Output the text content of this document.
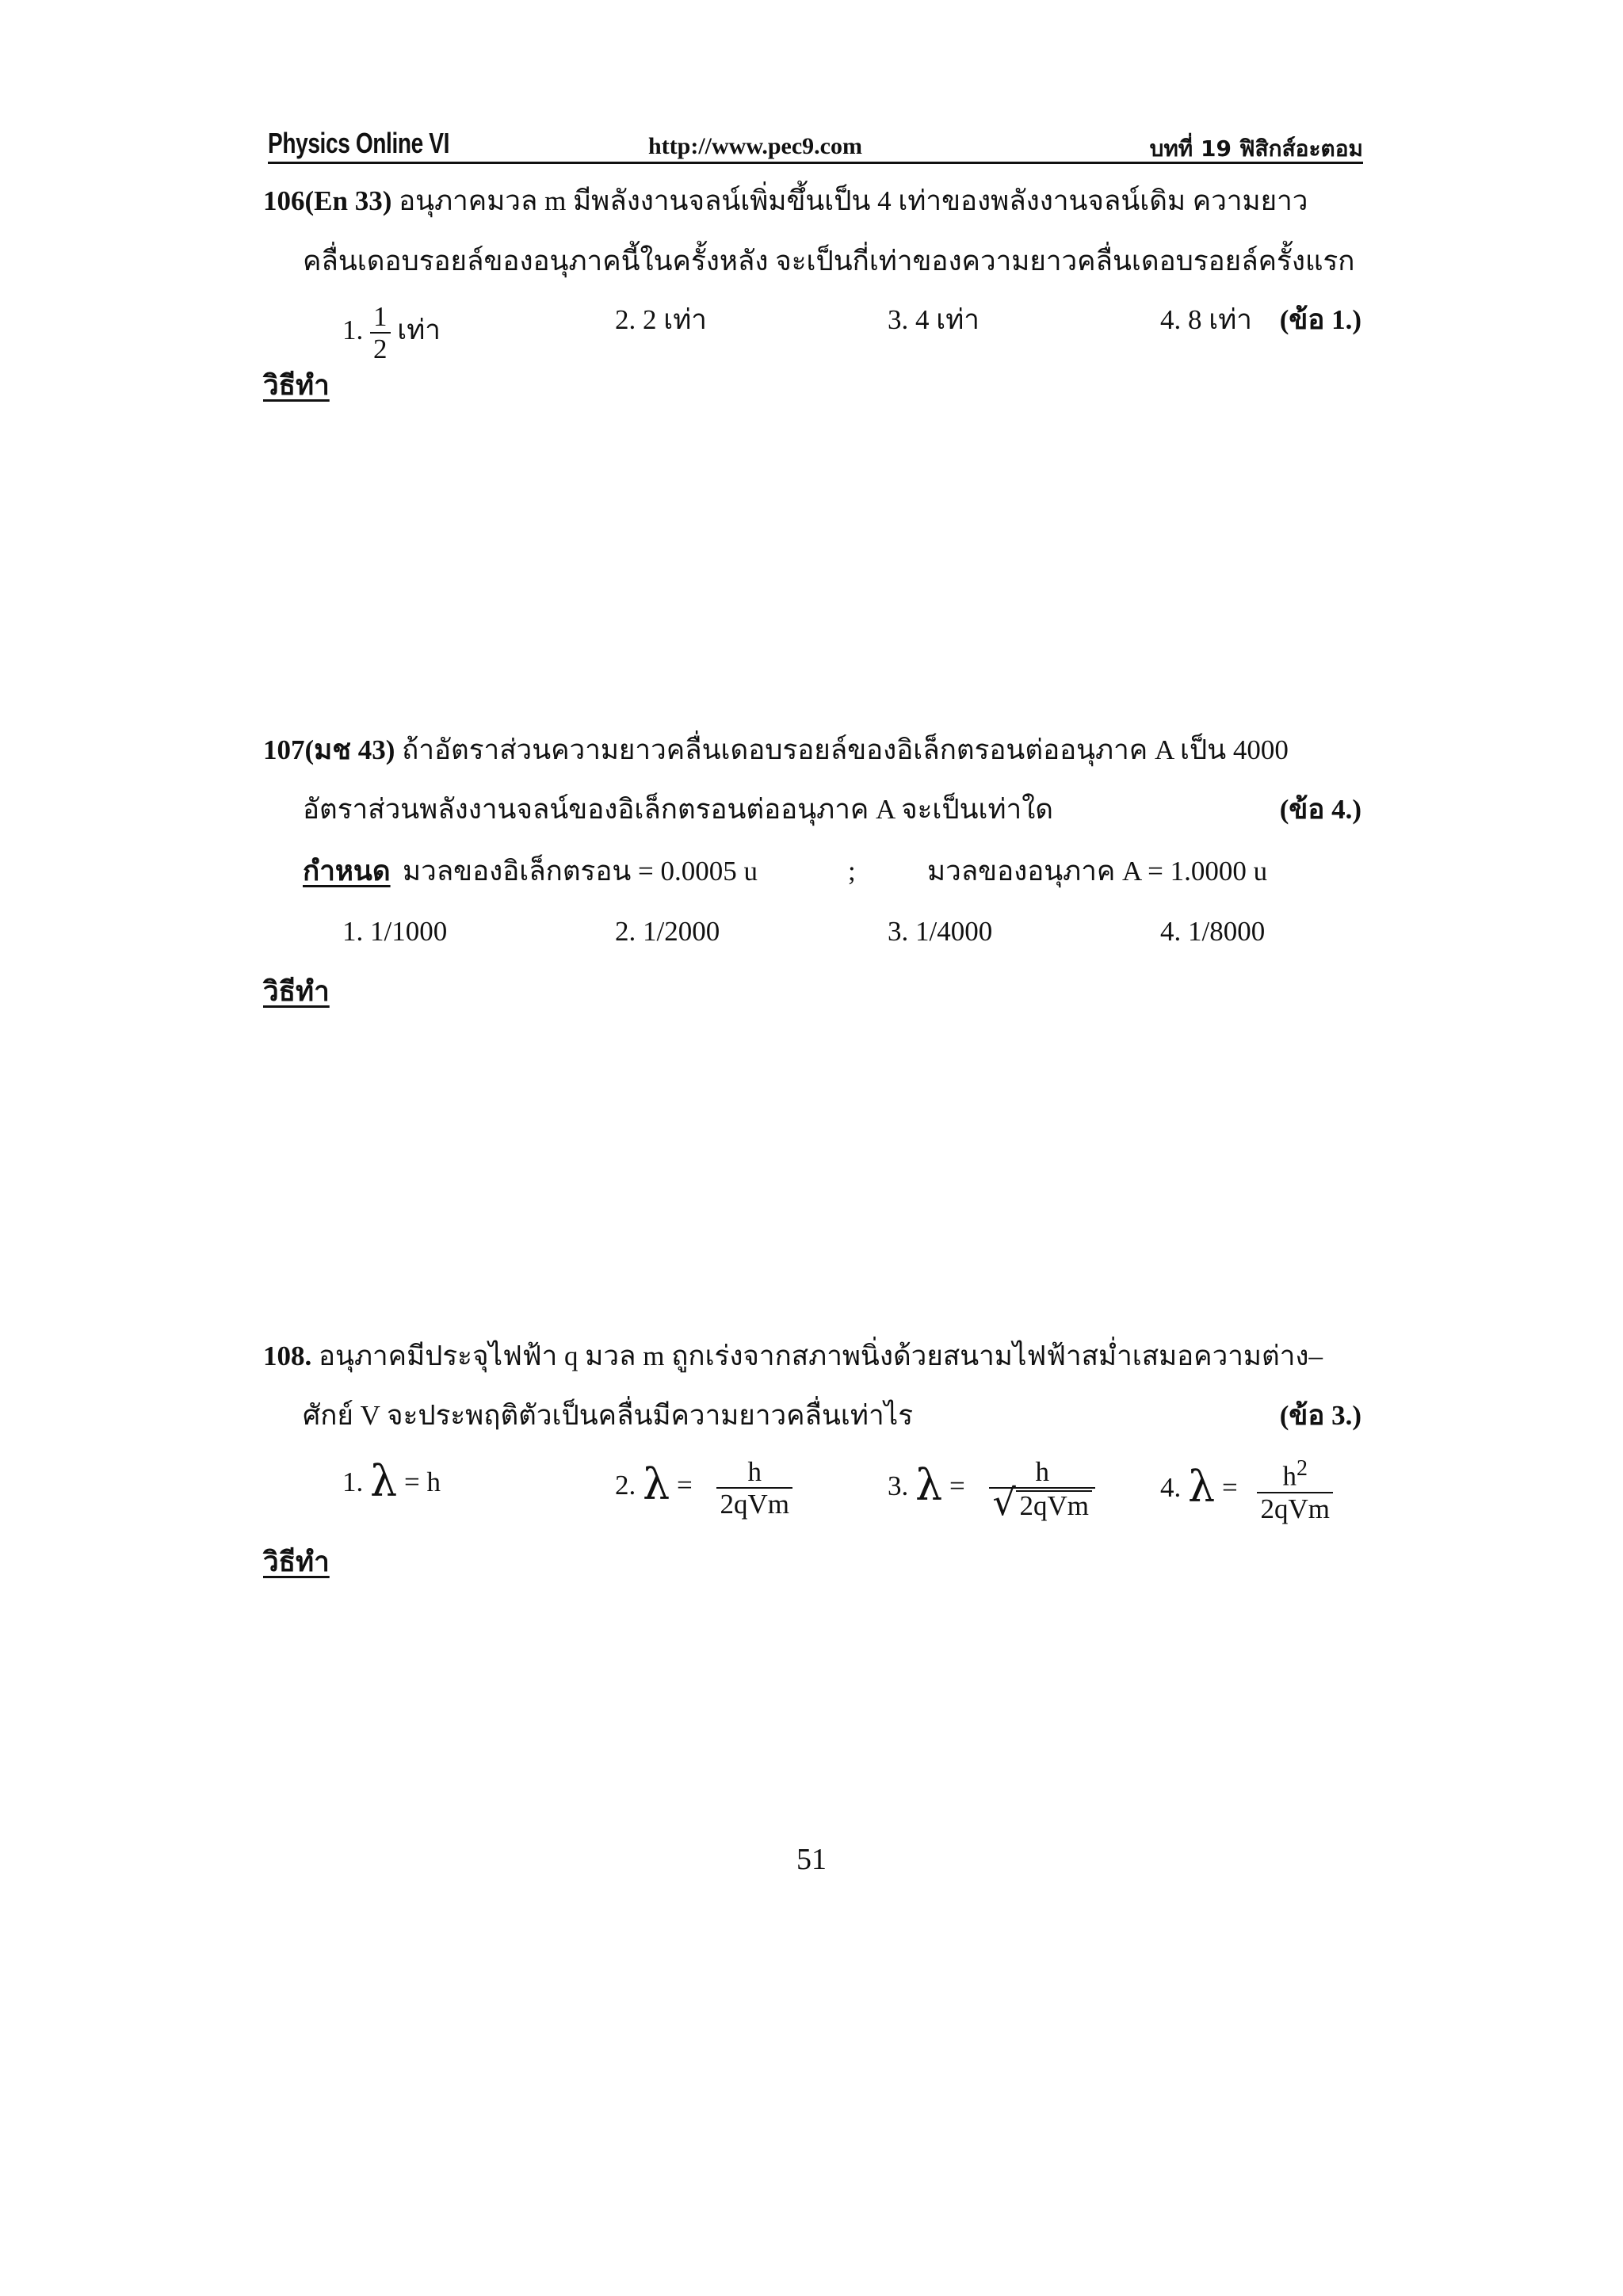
Physics Online VI	http://www.pec9.com	บทที่ 19 ฟิสิกส์อะตอม
106(En 33) อนุภาคมวล m มีพลังงานจลน์เพิ่มขึ้นเป็น 4 เท่าของพลังงานจลน์เดิม ความยาว
คลื่นเดอบรอยล์ของอนุภาคนี้ในครั้งหลัง จะเป็นกี่เท่าของความยาวคลื่นเดอบรอยล์ครั้งแรก
1. $\frac{1}{2}$ เท่า	2. 2 เท่า	3. 4 เท่า	4. 8 เท่า (ข้อ 1.)
วิธีทำ
107(มช 43) ถ้าอัตราส่วนความยาวคลื่นเดอบรอยล์ของอิเล็กตรอนต่ออนุภาค A เป็น 4000
อัตราส่วนพลังงานจลน์ของอิเล็กตรอนต่ออนุภาค A จะเป็นเท่าใด	(ข้อ 4.)
กำหนด มวลของอิเล็กตรอน = 0.0005 u	;	มวลของอนุภาค A = 1.0000 u
1. 1/1000	2. 1/2000	3. 1/4000	4. 1/8000
วิธีทำ
108. อนุภาคมีประจุไฟฟ้า q มวล m ถูกเร่งจากสภาพนิ่งด้วยสนามไฟฟ้าสม่ำเสมอความต่าง–
ศักย์ V จะประพฤติตัวเป็นคลื่นมีความยาวคลื่นเท่าไร	(ข้อ 3.)
1. λ = h	2. $\lambda = \frac{h}{\text{2qVm}}$	3. $\lambda = \frac{h}{\text{√ 2qVm}} 4$. $\lambda = \frac{h^2}{\text{2qVm}}$
วิธีทำ
51
